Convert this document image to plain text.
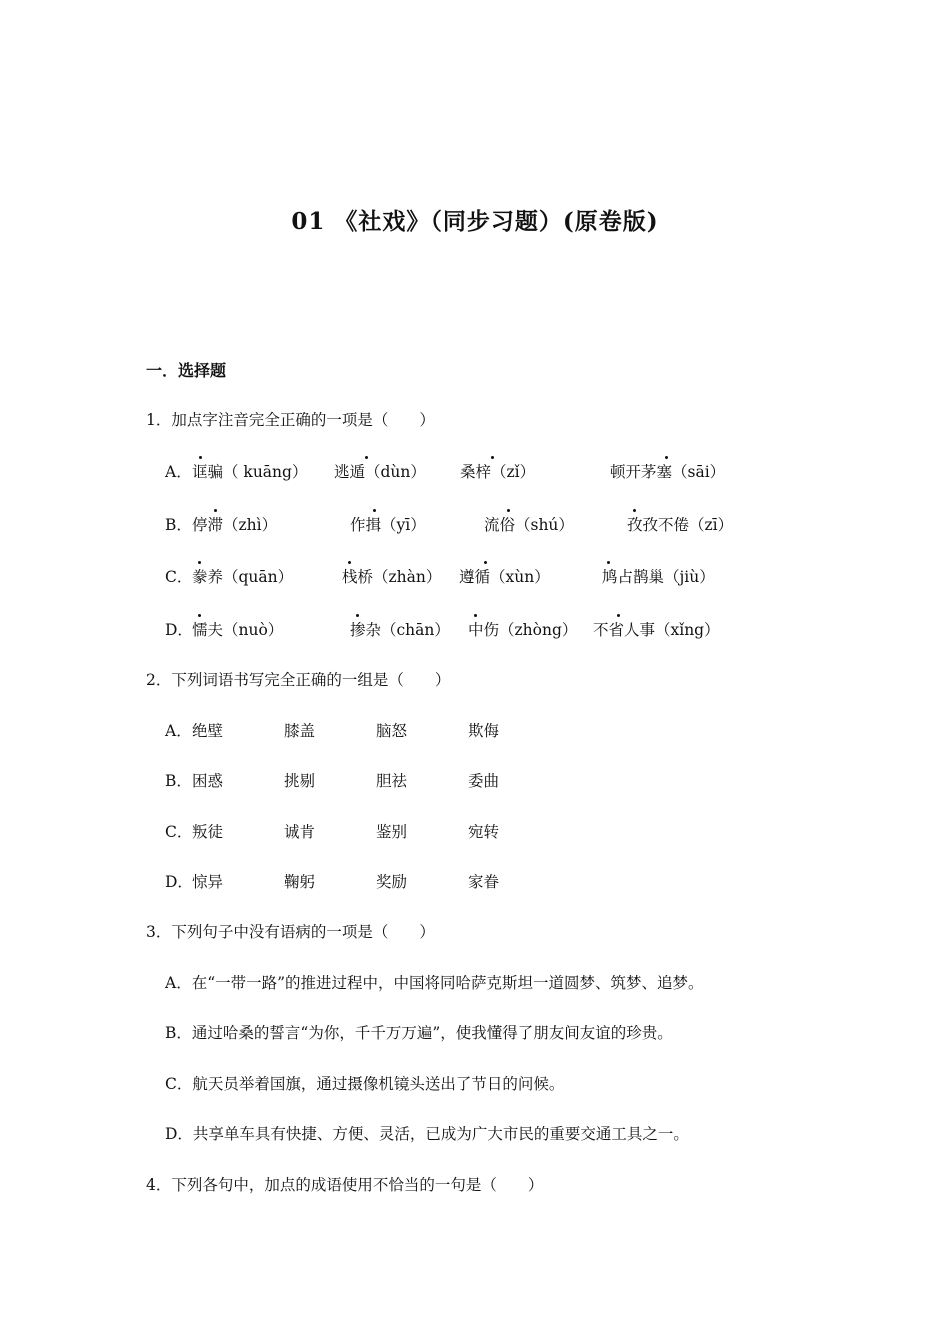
01 《社戏》（同步习题）(原卷版)
一．选择题
1．加点字注音完全正确的一项是（　　）
A． 诓骗（ kuāng） 逃遁（dùn） 桑梓（zǐ）	顿开茅塞（sāi）
B． 停滞（zhì）	作揖（yī）	流俗（shú）	孜孜不倦（zī）
C． 豢养（quān）	栈桥（zhàn） 遵循（xùn）	鸠占鹊巢（jiù）
D． 懦夫（nuò）	掺杂（chān） 中伤（zhòng） 不省人事（xǐng）
2．下列词语书写完全正确的一组是（　　）
A． 绝壁	膝盖	脑怒	欺侮
B． 困惑	挑剔	胆祛	委曲
C． 叛徒	诚肯	鉴别	宛转
D． 惊异	鞠躬	奖励	家眷
3．下列句子中没有语病的一项是（　　）
A．在“一带一路”的推进过程中，中国将同哈萨克斯坦一道圆梦、筑梦、追梦。
B．通过哈桑的誓言“为你，千千万万遍”，使我懂得了朋友间友谊的珍贵。
C．航天员举着国旗，通过摄像机镜头送出了节日的问候。
D．共享单车具有快捷、方便、灵活，已成为广大市民的重要交通工具之一。
4．下列各句中，加点的成语使用不恰当的一句是（　　）
